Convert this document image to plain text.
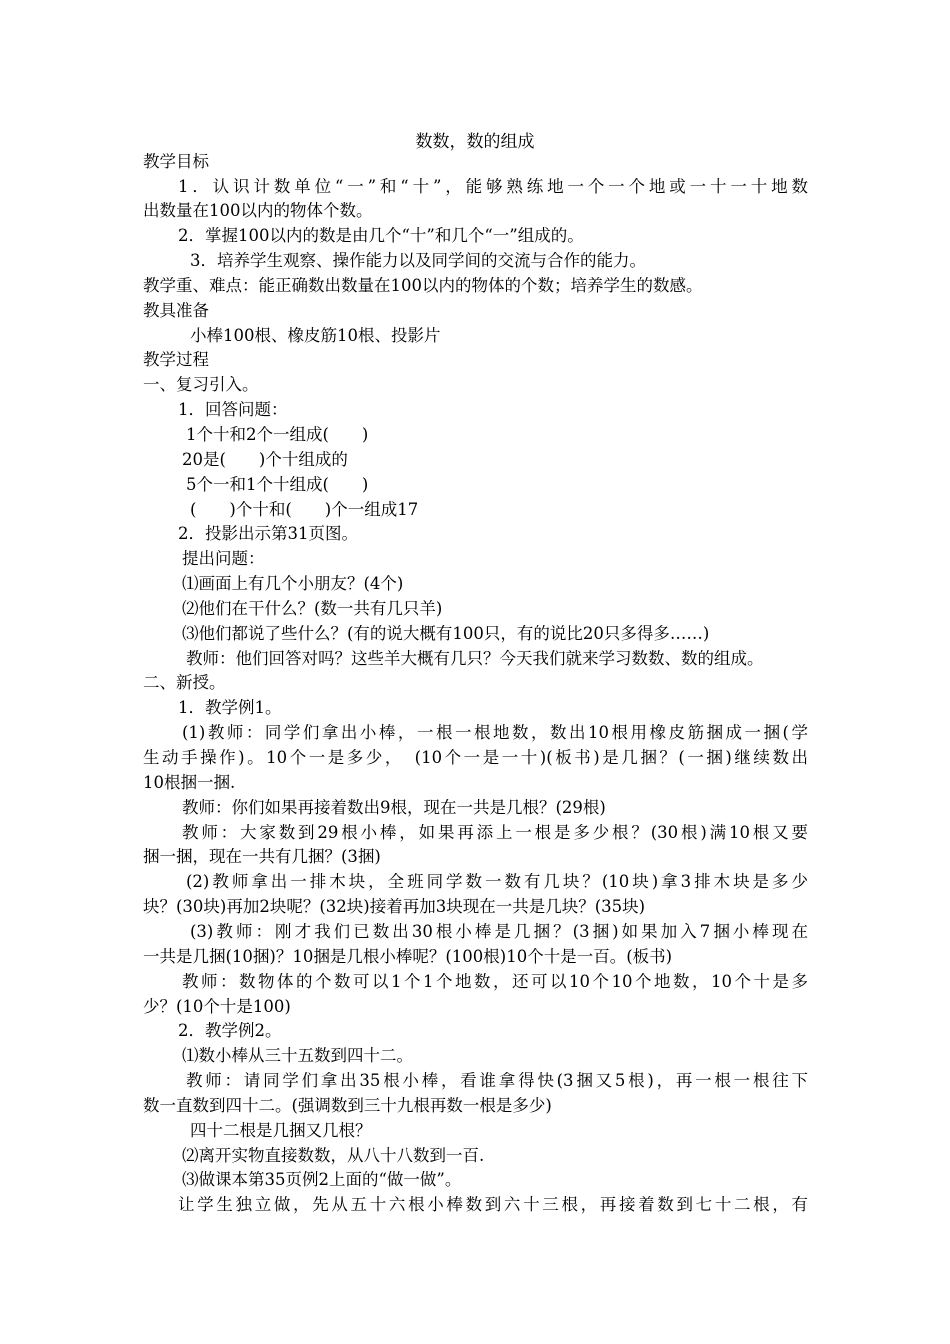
数数，数的组成
教学目标
1．认识计数单位“一”和“十”，能够熟练地一个一个地或一十一十地数
出数量在100以内的物体个数。
2．掌握100以内的数是由几个“十”和几个“一”组成的。
3．培养学生观察、操作能力以及同学间的交流与合作的能力。
教学重、难点：能正确数出数量在100以内的物体的个数；培养学生的数感。
教具准备
小棒100根、橡皮筋10根、投影片
教学过程
一、复习引入。
1．回答问题：
1个十和2个一组成(　　)
20是(　　)个十组成的
5个一和1个十组成(　　)
(　　)个十和(　　)个一组成17
2．投影出示第31页图。
提出问题：
⑴画面上有几个小朋友？(4个)
⑵他们在干什么？(数一共有几只羊)
⑶他们都说了些什么？(有的说大概有100只，有的说比20只多得多……)
教师：他们回答对吗？这些羊大概有几只？今天我们就来学习数数、数的组成。
二、新授。
1．教学例1。
(1)教师：同学们拿出小棒，一根一根地数，数出10根用橡皮筋捆成一捆(学
生动手操作)。10个一是多少，　(10个一是一十)(板书)是几捆？(一捆)继续数出
10根捆一捆.
教师：你们如果再接着数出9根，现在一共是几根？(29根)
教师：大家数到29根小棒，如果再添上一根是多少根？(30根)满10根又要
捆一捆，现在一共有几捆？(3捆)
(2)教师拿出一排木块，全班同学数一数有几块？(10块)拿3排木块是多少
块？(30块)再加2块呢？(32块)接着再加3块现在一共是几块？(35块)
(3)教师：刚才我们已数出30根小棒是几捆？(3捆)如果加入7捆小棒现在
一共是几捆(10捆)？10捆是几根小棒呢？(100根)10个十是一百。(板书)
教师：数物体的个数可以1个1个地数，还可以10个10个地数，10个十是多
少？(10个十是100)
2．教学例2。
⑴数小棒从三十五数到四十二。
教师：请同学们拿出35根小棒，看谁拿得快(3捆又5根)，再一根一根往下
数一直数到四十二。(强调数到三十九根再数一根是多少)
四十二根是几捆又几根？
⑵离开实物直接数数，从八十八数到一百.
⑶做课本第35页例2上面的“做一做”。
让学生独立做，先从五十六根小棒数到六十三根，再接着数到七十二根，有
